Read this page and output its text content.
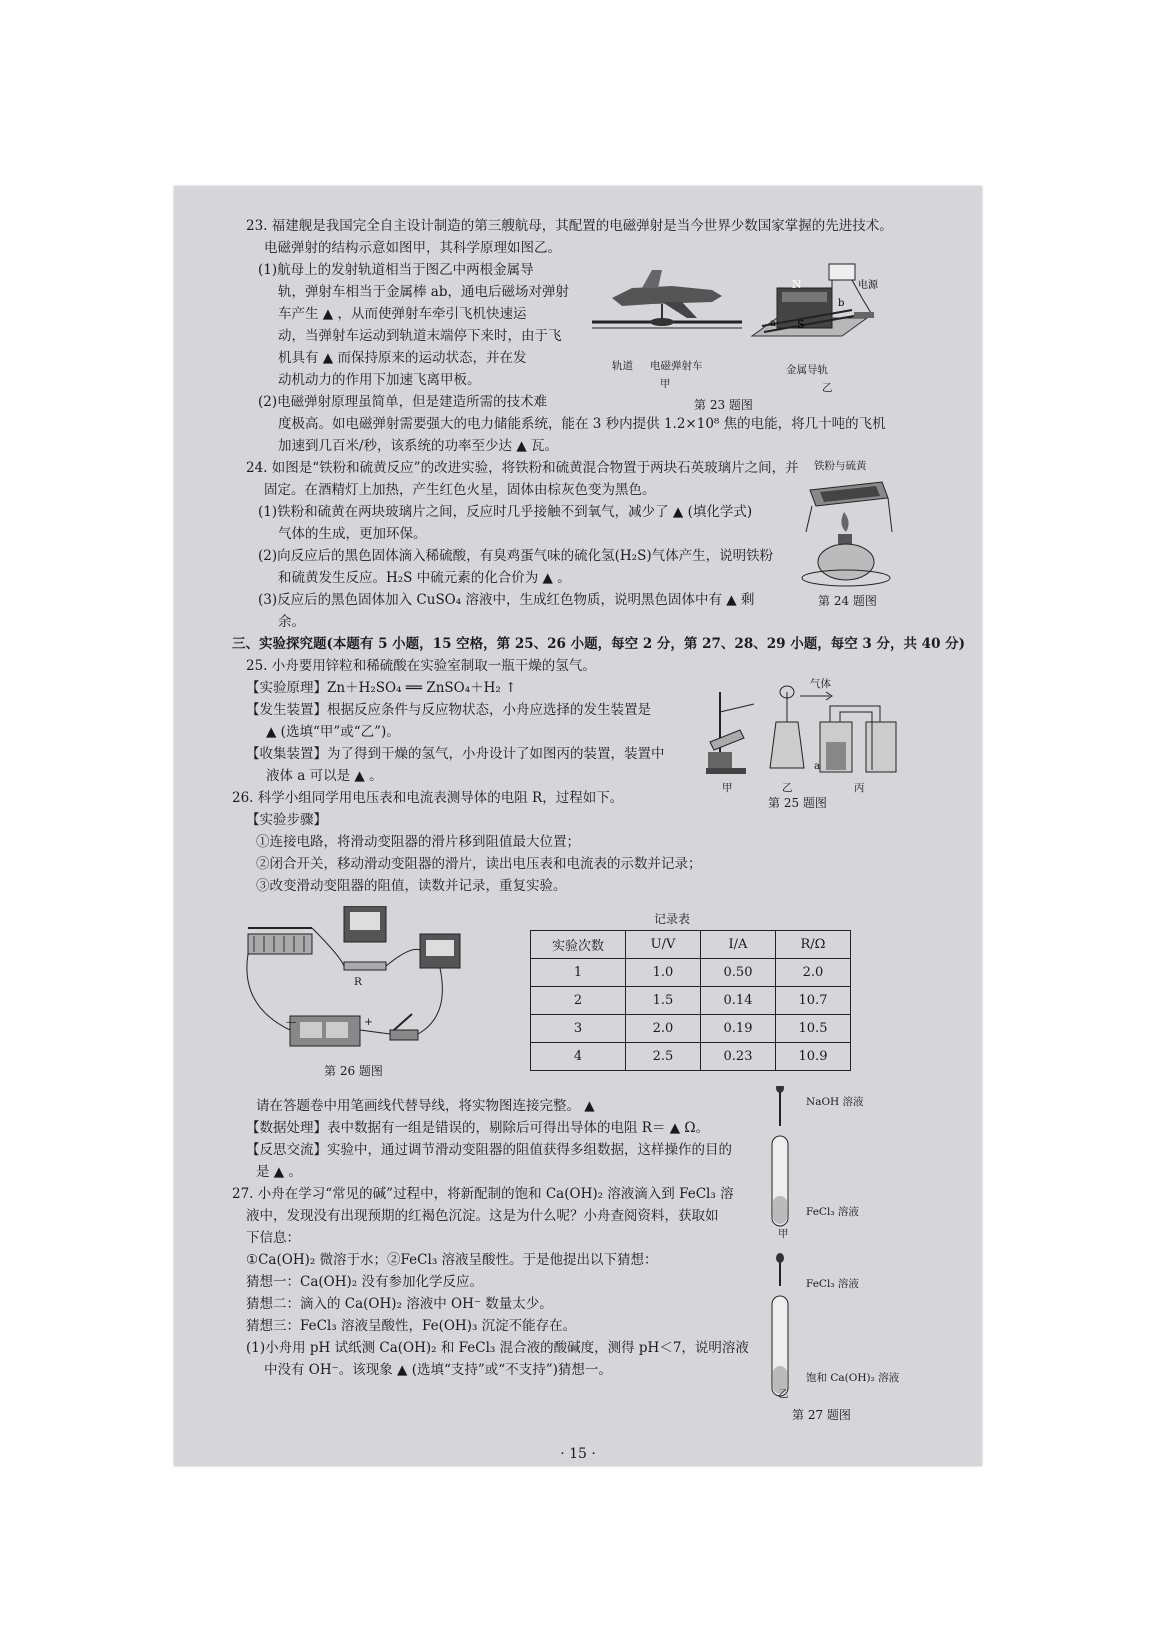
23. 福建舰是我国完全自主设计制造的第三艘航母，其配置的电磁弹射是当今世界少数国家掌握的先进技术。
电磁弹射的结构示意如图甲，其科学原理如图乙。
(1)航母上的发射轨道相当于图乙中两根金属导
轨，弹射车相当于金属棒 ab，通电后磁场对弹射
车产生 ▲ ，从而使弹射车牵引飞机快速运
动，当弹射车运动到轨道末端停下来时，由于飞
机具有 ▲ 而保持原来的运动状态，并在发
动机动力的作用下加速飞离甲板。
(2)电磁弹射原理虽简单，但是建造所需的技术难
度极高。如电磁弹射需要强大的电力储能系统，能在 3 秒内提供 1.2×10⁸ 焦的电能，将几十吨的飞机
加速到几百米/秒，该系统的功率至少达 ▲ 瓦。
N
S
a
b
电源
轨道 电磁弹射车
甲
金属导轨
乙
第 23 题图
24. 如图是“铁粉和硫黄反应”的改进实验，将铁粉和硫黄混合物置于两块石英玻璃片之间，并
固定。在酒精灯上加热，产生红色火星，固体由棕灰色变为黑色。
(1)铁粉和硫黄在两块玻璃片之间，反应时几乎接触不到氧气，减少了 ▲ (填化学式)
气体的生成，更加环保。
(2)向反应后的黑色固体滴入稀硫酸，有臭鸡蛋气味的硫化氢(H₂S)气体产生，说明铁粉
和硫黄发生反应。H₂S 中硫元素的化合价为 ▲ 。
(3)反应后的黑色固体加入 CuSO₄ 溶液中，生成红色物质，说明黑色固体中有 ▲ 剩
余。
铁粉与硫黄
第 24 题图
三、实验探究题(本题有 5 小题，15 空格，第 25、26 小题，每空 2 分，第 27、28、29 小题，每空 3 分，共 40 分)
25. 小舟要用锌粒和稀硫酸在实验室制取一瓶干燥的氢气。
【实验原理】Zn＋H₂SO₄ ══ ZnSO₄＋H₂ ↑
【发生装置】根据反应条件与反应物状态，小舟应选择的发生装置是
▲ (选填“甲”或“乙”)。
【收集装置】为了得到干燥的氢气，小舟设计了如图丙的装置，装置中
液体 a 可以是 ▲ 。
气体
a
甲	乙	丙
第 25 题图
26. 科学小组同学用电压表和电流表测导体的电阻 R，过程如下。
【实验步骤】
①连接电路，将滑动变阻器的滑片移到阻值最大位置；
②闭合开关，移动滑动变阻器的滑片，读出电压表和电流表的示数并记录；
③改变滑动变阻器的阻值，读数并记录，重复实验。
R
—	+
第 26 题图
记录表
实验次数	U/V	I/A	R/Ω
1	1.0	0.50	2.0
2	1.5	0.14	10.7
3	2.0	0.19	10.5
4	2.5	0.23	10.9
请在答题卷中用笔画线代替导线，将实物图连接完整。 ▲
【数据处理】表中数据有一组是错误的，剔除后可得出导体的电阻 R＝ ▲ Ω。
【反思交流】实验中，通过调节滑动变阻器的阻值获得多组数据，这样操作的目的
是 ▲ 。
27. 小舟在学习“常见的碱”过程中，将新配制的饱和 Ca(OH)₂ 溶液滴入到 FeCl₃ 溶
液中，发现没有出现预期的红褐色沉淀。这是为什么呢？小舟查阅资料，获取如
下信息：
①Ca(OH)₂ 微溶于水；②FeCl₃ 溶液呈酸性。于是他提出以下猜想：
猜想一：Ca(OH)₂ 没有参加化学反应。
猜想二：滴入的 Ca(OH)₂ 溶液中 OH⁻ 数量太少。
猜想三：FeCl₃ 溶液呈酸性，Fe(OH)₃ 沉淀不能存在。
(1)小舟用 pH 试纸测 Ca(OH)₂ 和 FeCl₃ 混合液的酸碱度，测得 pH＜7，说明溶液
中没有 OH⁻。该现象 ▲ (选填“支持”或“不支持”)猜想一。
NaOH 溶液
FeCl₃ 溶液
甲
FeCl₃ 溶液
饱和 Ca(OH)₂ 溶液
乙
第 27 题图
· 15 ·
